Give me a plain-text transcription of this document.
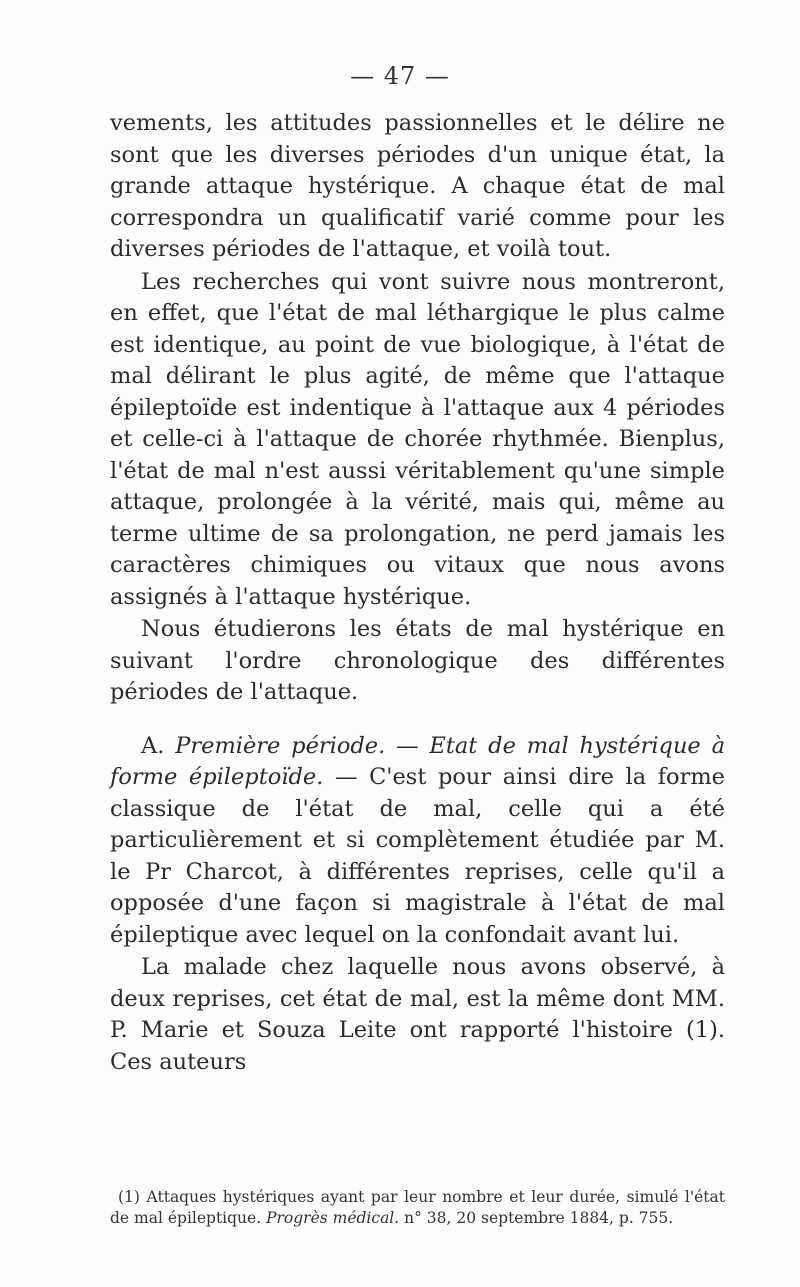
— 47 —

vements, les attitudes passionnelles et le délire ne sont que les diverses périodes d'un unique état, la grande attaque hystérique. A chaque état de mal correspondra un qualificatif varié comme pour les diverses périodes de l'attaque, et voilà tout.

Les recherches qui vont suivre nous montreront, en effet, que l'état de mal léthargique le plus calme est identique, au point de vue biologique, à l'état de mal délirant le plus agité, de même que l'attaque épileptoïde est indentique à l'attaque aux 4 périodes et celle-ci à l'attaque de chorée rhythmée. Bienplus, l'état de mal n'est aussi véritablement qu'une simple attaque, prolongée à la vérité, mais qui, même au terme ultime de sa prolongation, ne perd jamais les caractères chimiques ou vitaux que nous avons assignés à l'attaque hystérique.

Nous étudierons les états de mal hystérique en suivant l'ordre chronologique des différentes périodes de l'attaque.

A. Première période. — Etat de mal hystérique à forme épileptoïde. — C'est pour ainsi dire la forme classique de l'état de mal, celle qui a été particulièrement et si complètement étudiée par M. le Pr Charcot, à différentes reprises, celle qu'il a opposée d'une façon si magistrale à l'état de mal épileptique avec lequel on la confondait avant lui.

La malade chez laquelle nous avons observé, à deux reprises, cet état de mal, est la même dont MM. P. Marie et Souza Leite ont rapporté l'histoire (1). Ces auteurs

(1) Attaques hystériques ayant par leur nombre et leur durée, simulé l'état de mal épileptique. Progrès médical. n° 38, 20 septembre 1884, p. 755.
